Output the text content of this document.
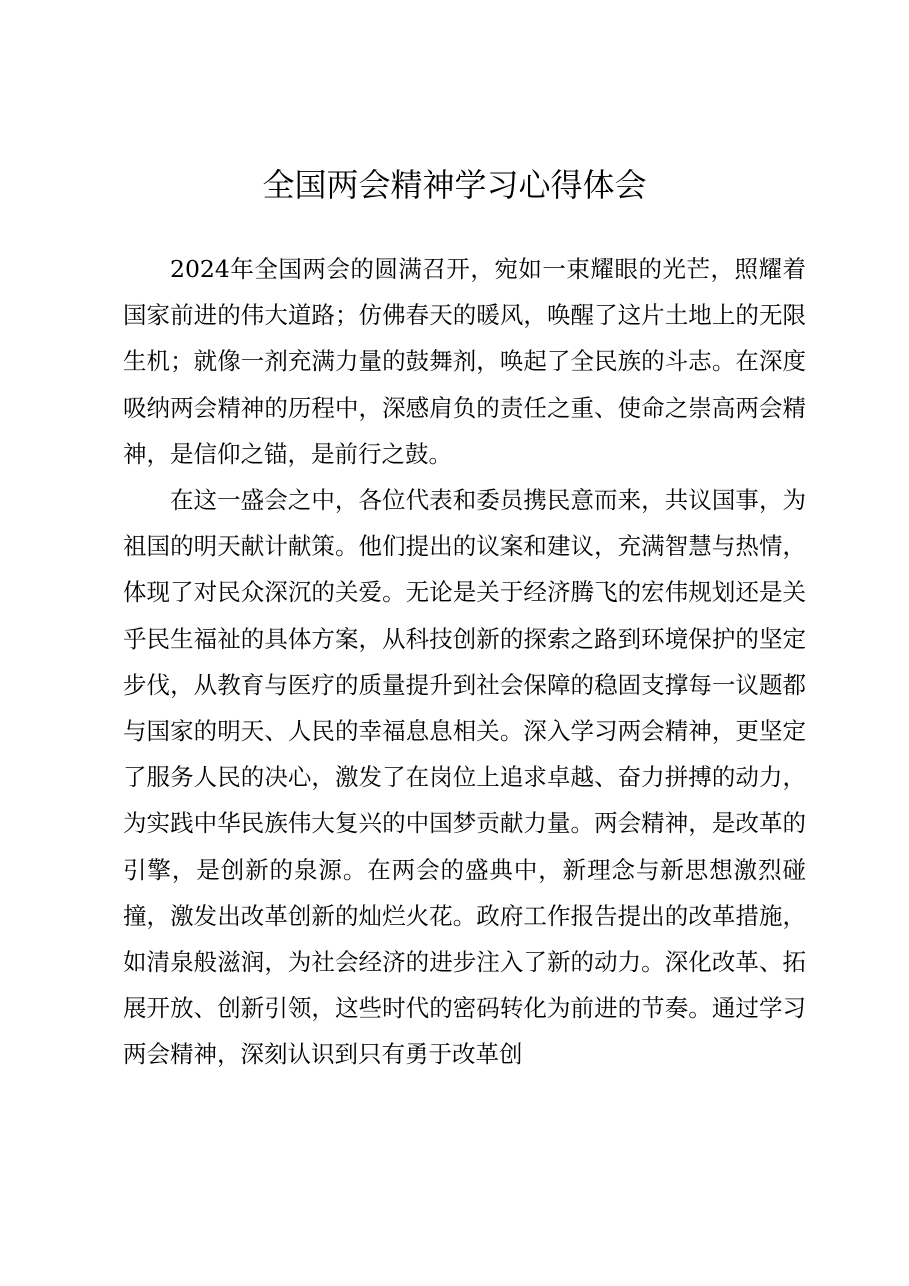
全国两会精神学习心得体会

2024年全国两会的圆满召开，宛如一束耀眼的光芒，照耀着国家前进的伟大道路；仿佛春天的暖风，唤醒了这片土地上的无限生机；就像一剂充满力量的鼓舞剂，唤起了全民族的斗志。在深度吸纳两会精神的历程中，深感肩负的责任之重、使命之崇高两会精神，是信仰之锚，是前行之鼓。

在这一盛会之中，各位代表和委员携民意而来，共议国事，为祖国的明天献计献策。他们提出的议案和建议，充满智慧与热情，体现了对民众深沉的关爱。无论是关于经济腾飞的宏伟规划还是关乎民生福祉的具体方案，从科技创新的探索之路到环境保护的坚定步伐，从教育与医疗的质量提升到社会保障的稳固支撑每一议题都与国家的明天、人民的幸福息息相关。深入学习两会精神，更坚定了服务人民的决心，激发了在岗位上追求卓越、奋力拼搏的动力，为实践中华民族伟大复兴的中国梦贡献力量。两会精神，是改革的引擎，是创新的泉源。在两会的盛典中，新理念与新思想激烈碰撞，激发出改革创新的灿烂火花。政府工作报告提出的改革措施，如清泉般滋润，为社会经济的进步注入了新的动力。深化改革、拓展开放、创新引领，这些时代的密码转化为前进的节奏。通过学习两会精神，深刻认识到只有勇于改革创
